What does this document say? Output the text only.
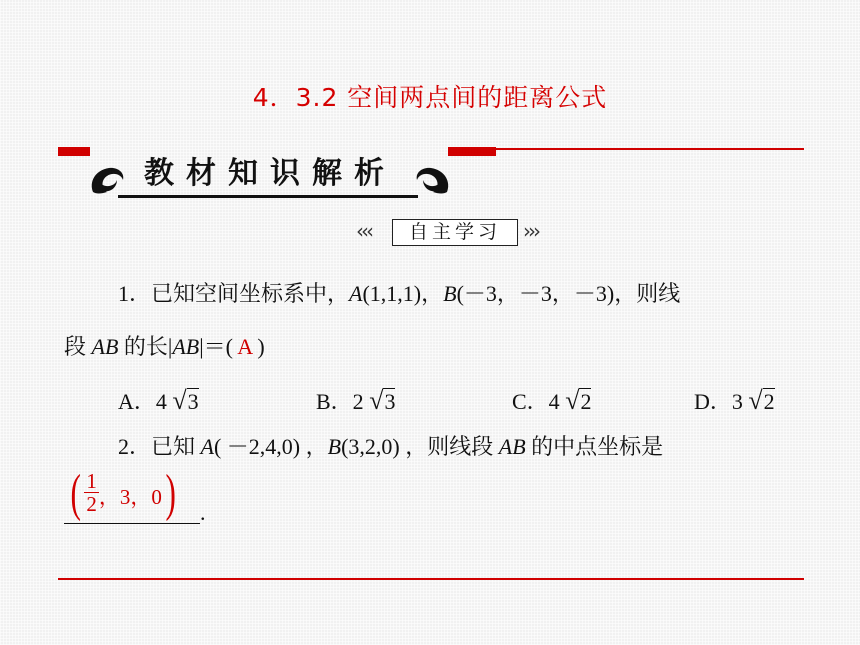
4．3.2 空间两点间的距离公式
教材知识解析
‹‹‹	自主学习	›››
1．已知空间坐标系中，A(1,1,1)，B(－3，－3，－3)，则线
段 AB 的长|AB|＝( A )
A．4 √3	B．2 √3	C．4 √2	D．3 √2
2．已知 A( －2,4,0) ，B(3,2,0) ，则线段 AB 的中点坐标是
( $\frac{1}{2}$ ，3，0) .
